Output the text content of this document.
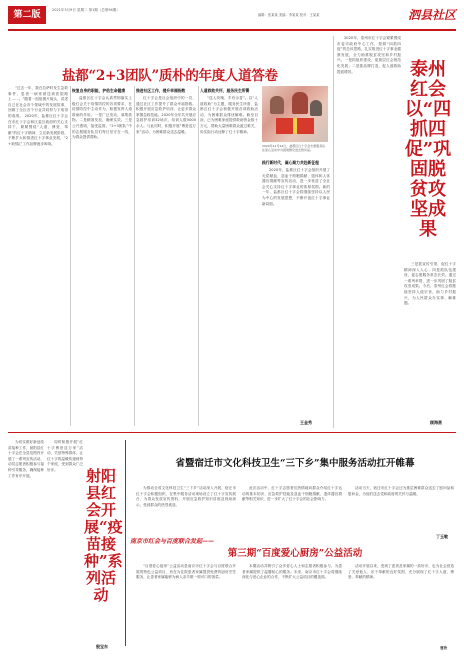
第二版	2021年3月9日 星期二 第1期（总第94期）
编辑：张某某 美编：李某某 校对：王某某	泗县社区
盐都“2+3团队”质朴的年度人道答卷
“过去一年，我在拉萨时发生急救事件，患者一病常被送到医院路上……。”随着一组组图片镜头，讲述自己在社会各个领域中的发展故事，回顾了全区各个行业共同努力下取得的成绩。 2020年，盐都区红十字会在市红十字会和区委区政府的关心支持下，紧紧围绕“人道、博爱、奉献”的红十字精神，立足新发展阶段，不断扩大和推进红十字事业发展，“2+3团队”工作品牌逐步叫响。
恢复自身的职能，护佑生命健康
盐都区红十字会认真贯彻落实上级红会关于疫情防控的各项要求，在疫情防控中主动作为，积极发挥人道救助的作用。一是广泛发动，募集款物。二是精准发放，确保实效。三是公开透明，接受监督。“2+3团队”中的志愿服务队员们每日坚守在一线，为群众提供帮助。
推进社区工作，提升幸福指数
红十字会是社会组织中的一员，通过社区工作提升了群众幸福指数。积极开展应急救护培训，让更多群众掌握急救技能。2020年全年共开展应急救护培训32场次，培训人数5000余人。与此同时，积极开展“博爱送万家”活动，为困难群众送去温暖。
人道救助关怀，服务民生所需
“送人玫瑰，手有余香”。以“人道救助”为主题，服务民生所需，盐都区红十字会积极开展各项救助活动，为困难群众排忧解难。截至目前，已为困难家庭提供救助资金数十万元，帮助大量困难群众渡过难关，用实际行动诠释了红十字精神。
践行新时代，凝心聚力共赴新征程
2020年，盐都区红十字会组织开展了无偿献血、造血干细胞捐献、遗体和人体器官捐献等宣传活动，进一步营造了全社会关心支持红十字事业的浓厚氛围。新的一年，盐都区红十字会将继续坚持以人民为中心的发展思想，不断开创红十字事业新局面。
王金秀
2020年12月24日，盐都区红十字会志愿服务队在爱心活动中为困难群众送去慰问品。
2020年，泰州市红十字会紧紧围绕市委市政府中心工作，按照“四抓四促”的总体思路，扎实推进红十字事业健康发展，全力助推脱贫攻坚和乡村振兴。一是抓组织建设，促基层红会规范化发展；二是抓品牌打造，促人道救助提质增效。	泰州红会以“四抓四促”巩固脱贫攻坚成果
三是抓宣传引领，促红十字精神深入人心；四是抓队伍建设，促志愿服务常态长效。通过一系列举措，进一步巩固了脱贫攻坚成果。今后，泰州红会将继续坚持人道宗旨，助力乡村振兴，为人民群众办实事、解难题。
顾海燕
为切实做好新冠疫苗接种工作，射阳县红十字会在全县范围内开展了一系列宣传活动，动员志愿者积极参与接种引导服务，确保接种工作有序开展。
同时积极开展“红十字博爱送万家”活动，关爱特殊群体，让红十字的温暖传递到每个家庭，受到群众广泛好评。	射阳县红会开展“疫苗接种”系列活动
殷宝东
省暨宿迁市文化科技卫生“三下乡”集中服务活动扛开帷幕
为推动全省文化科技卫生“三下乡”活动深入开展，宿迁市红十字会积极组织，在集中服务活动现场设立了红十字宣传展台，为群众发放宣传资料，开展应急救护知识讲座及现场演示，受到群众的热烈欢迎。
此次活动中，红十字志愿者们热情地向群众介绍红十字运动的基本知识、应急救护技能及造血干细胞捐献、遗体器官捐献等相关知识，进一步扩大了红十字会的社会影响力。
活动当天，宿迁市红十字会还为基层困难群众送去了慰问品和慰问金，为他们送去党和政府的关怀与温暖。
丁玉敏
南京市红会与百度联合发起——
第三期“百度爱心厨房”公益活动
“百度爱心厨房”公益活动是南京市红十字会与百度联合开展的特色公益项目，旨在为住院患者家属提供免费的厨房烹饪服务，让患者家属能够为病人亲手做一顿可口的饭菜。
本期活动共吸引了众多爱心人士和志愿者积极参与，为患者家属提供了温馨贴心的服务。未来，南京市红十字会将继续深化与爱心企业的合作，不断扩大公益项目的覆盖面。
活动开展以来，受到了患者及家属的一致好评，也为社会营造了关爱他人、乐于奉献的良好氛围，充分展现了红十字人道、博爱、奉献的精神。
曹欣
